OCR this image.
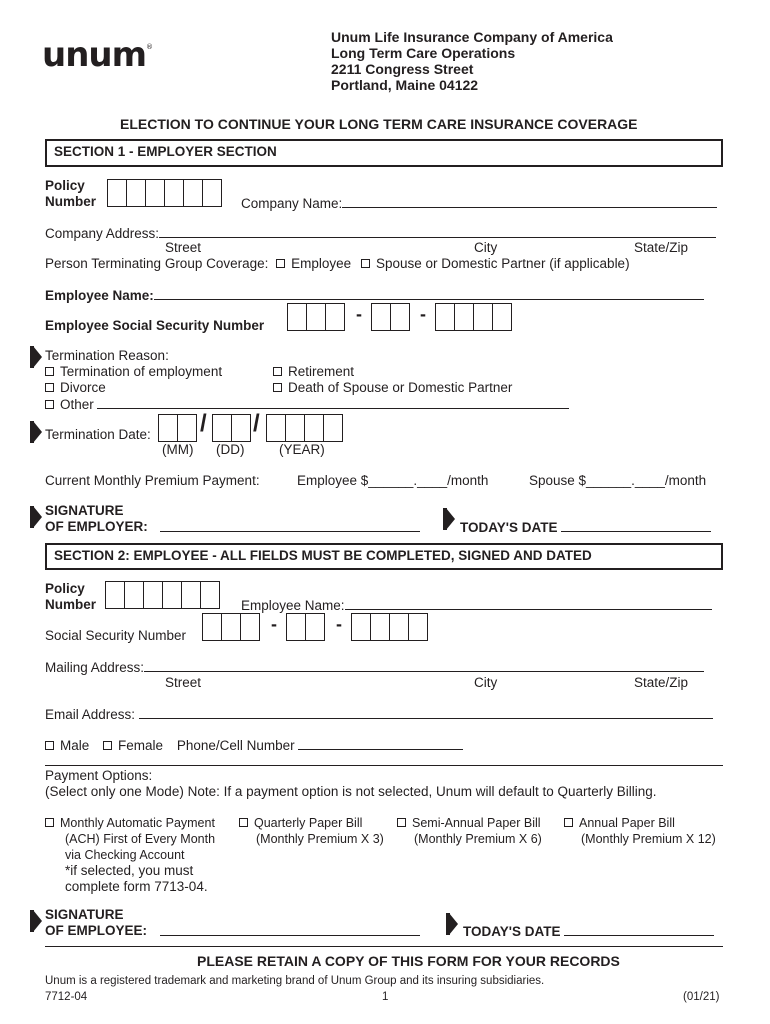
unum®
Unum Life Insurance Company of America
Long Term Care Operations
2211 Congress Street
Portland, Maine 04122
ELECTION TO CONTINUE YOUR LONG TERM CARE INSURANCE COVERAGE
SECTION 1 - EMPLOYER SECTION
Policy
Number	Company Name:
Company Address:
Street	City	State/Zip
Person Terminating Group Coverage: Employee Spouse or Domestic Partner (if applicable)
Employee Name:
Employee Social Security Number
-	-
Termination Reason:
Termination of employment	Retirement
Divorce	Death of Spouse or Domestic Partner
Other
Termination Date: / /
(MM) (DD)	(YEAR)
Current Monthly Premium Payment:	Employee $______.____/month	Spouse $______.____/month
SIGNATURE
OF EMPLOYER:	TODAY'S DATE
SECTION 2: EMPLOYEE - ALL FIELDS MUST BE COMPLETED, SIGNED AND DATED
Policy
Number	Employee Name:
Social Security Number
-	-
Mailing Address:
Street	City	State/Zip
Email Address:
Male Female Phone/Cell Number
Payment Options:
(Select only one Mode) Note: If a payment option is not selected, Unum will default to Quarterly Billing.
Monthly Automatic Payment
(ACH) First of Every Month
via Checking Account
*if selected, you must
complete form 7713-04.
Quarterly Paper Bill
(Monthly Premium X 3)
Semi-Annual Paper Bill
(Monthly Premium X 6)
Annual Paper Bill
(Monthly Premium X 12)
SIGNATURE
OF EMPLOYEE:	TODAY'S DATE
PLEASE RETAIN A COPY OF THIS FORM FOR YOUR RECORDS
Unum is a registered trademark and marketing brand of Unum Group and its insuring subsidiaries.
7712-04	1	(01/21)
